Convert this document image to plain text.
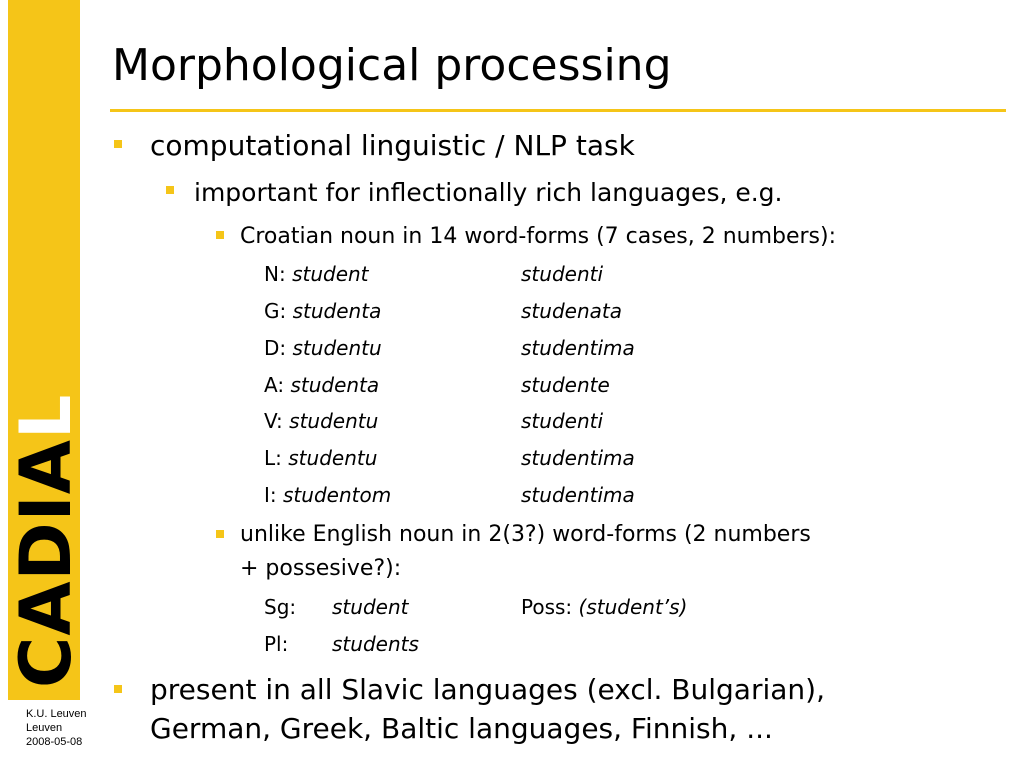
CADIAL
K.U. Leuven
Leuven
2008-05-08
Morphological processing
computational linguistic / NLP task
important for inflectionally rich languages, e.g.
Croatian noun in 14 word-forms (7 cases, 2 numbers):
N: student	studenti
G: studenta	studenata
D: studentu	studentima
A: studenta	studente
V: studentu	studenti
L: studentu	studentima
I: studentom	studentima
unlike English noun in 2(3?) word-forms (2 numbers
+ possesive?):
Sg: student	Poss: (student’s)
Pl: students
present in all Slavic languages (excl. Bulgarian),
German, Greek, Baltic languages, Finnish, ...
